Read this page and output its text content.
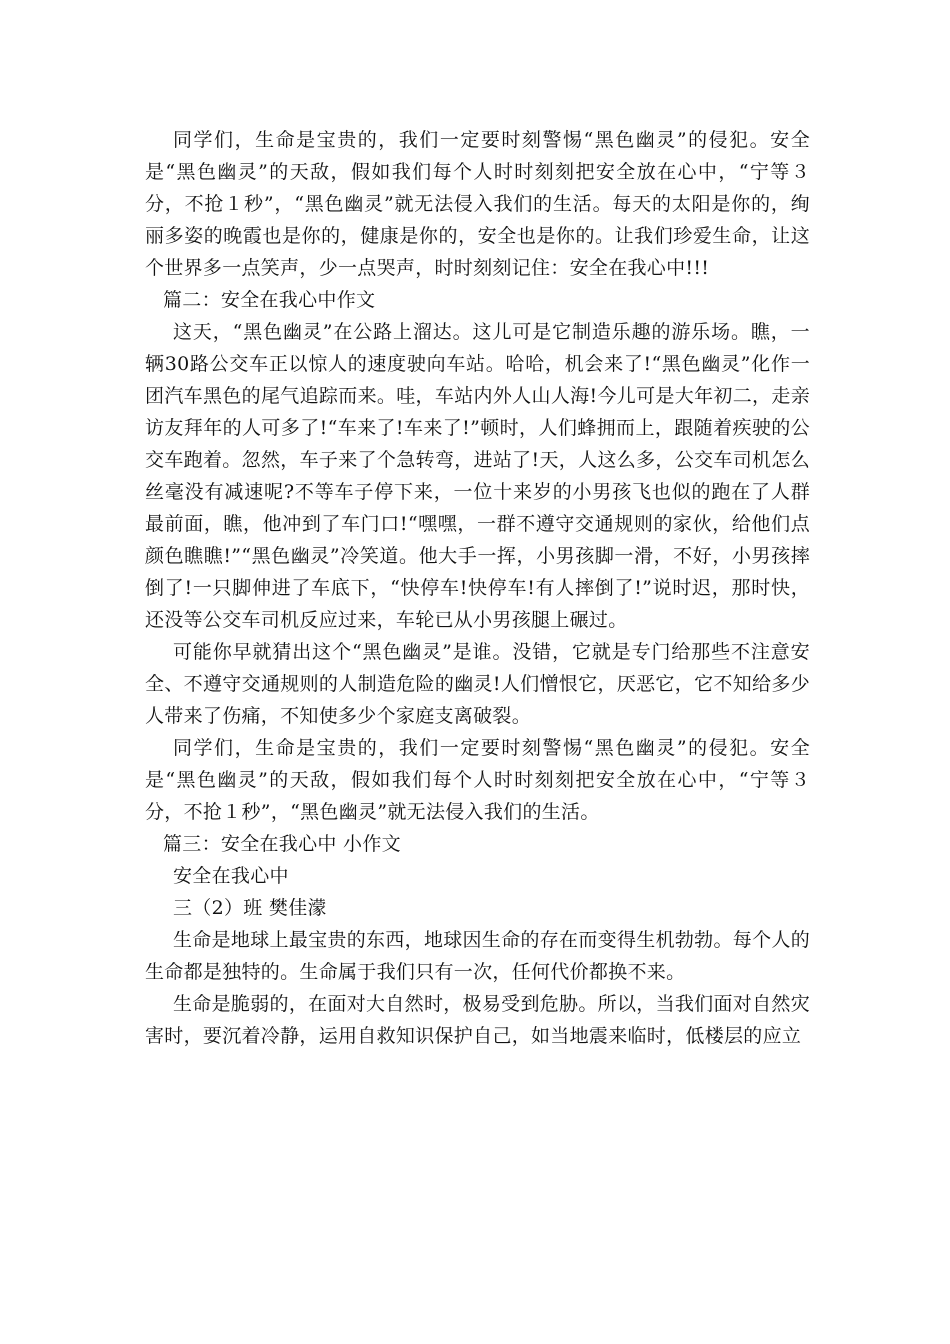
同学们，生命是宝贵的，我们一定要时刻警惕“黑色幽灵”的侵犯。安全是“黑色幽灵”的天敌，假如我们每个人时时刻刻把安全放在心中，“宁等３分，不抢１秒”，“黑色幽灵”就无法侵入我们的生活。每天的太阳是你的，绚丽多姿的晚霞也是你的，健康是你的，安全也是你的。让我们珍爱生命，让这个世界多一点笑声，少一点哭声，时时刻刻记住：安全在我心中!!!

篇二：安全在我心中作文

这天，“黑色幽灵”在公路上溜达。这儿可是它制造乐趣的游乐场。瞧，一辆30路公交车正以惊人的速度驶向车站。哈哈，机会来了!“黑色幽灵”化作一团汽车黑色的尾气追踪而来。哇，车站内外人山人海!今儿可是大年初二，走亲访友拜年的人可多了!“车来了!车来了!”顿时，人们蜂拥而上，跟随着疾驶的公交车跑着。忽然，车子来了个急转弯，进站了!天，人这么多，公交车司机怎么丝毫没有减速呢?不等车子停下来，一位十来岁的小男孩飞也似的跑在了人群最前面，瞧，他冲到了车门口!“嘿嘿，一群不遵守交通规则的家伙，给他们点颜色瞧瞧!”“黑色幽灵”冷笑道。他大手一挥，小男孩脚一滑，不好，小男孩摔倒了!一只脚伸进了车底下，“快停车!快停车!有人摔倒了!”说时迟，那时快，还没等公交车司机反应过来，车轮已从小男孩腿上碾过。

可能你早就猜出这个“黑色幽灵”是谁。没错，它就是专门给那些不注意安全、不遵守交通规则的人制造危险的幽灵!人们憎恨它，厌恶它，它不知给多少人带来了伤痛，不知使多少个家庭支离破裂。

同学们，生命是宝贵的，我们一定要时刻警惕“黑色幽灵”的侵犯。安全是“黑色幽灵”的天敌，假如我们每个人时时刻刻把安全放在心中，“宁等３分，不抢１秒”，“黑色幽灵”就无法侵入我们的生活。

篇三：安全在我心中 小作文

安全在我心中

三（2）班 樊佳濛

生命是地球上最宝贵的东西，地球因生命的存在而变得生机勃勃。每个人的生命都是独特的。生命属于我们只有一次，任何代价都换不来。

生命是脆弱的，在面对大自然时，极易受到危胁。所以，当我们面对自然灾害时，要沉着冷静，运用自救知识保护自己，如当地震来临时，低楼层的应立
